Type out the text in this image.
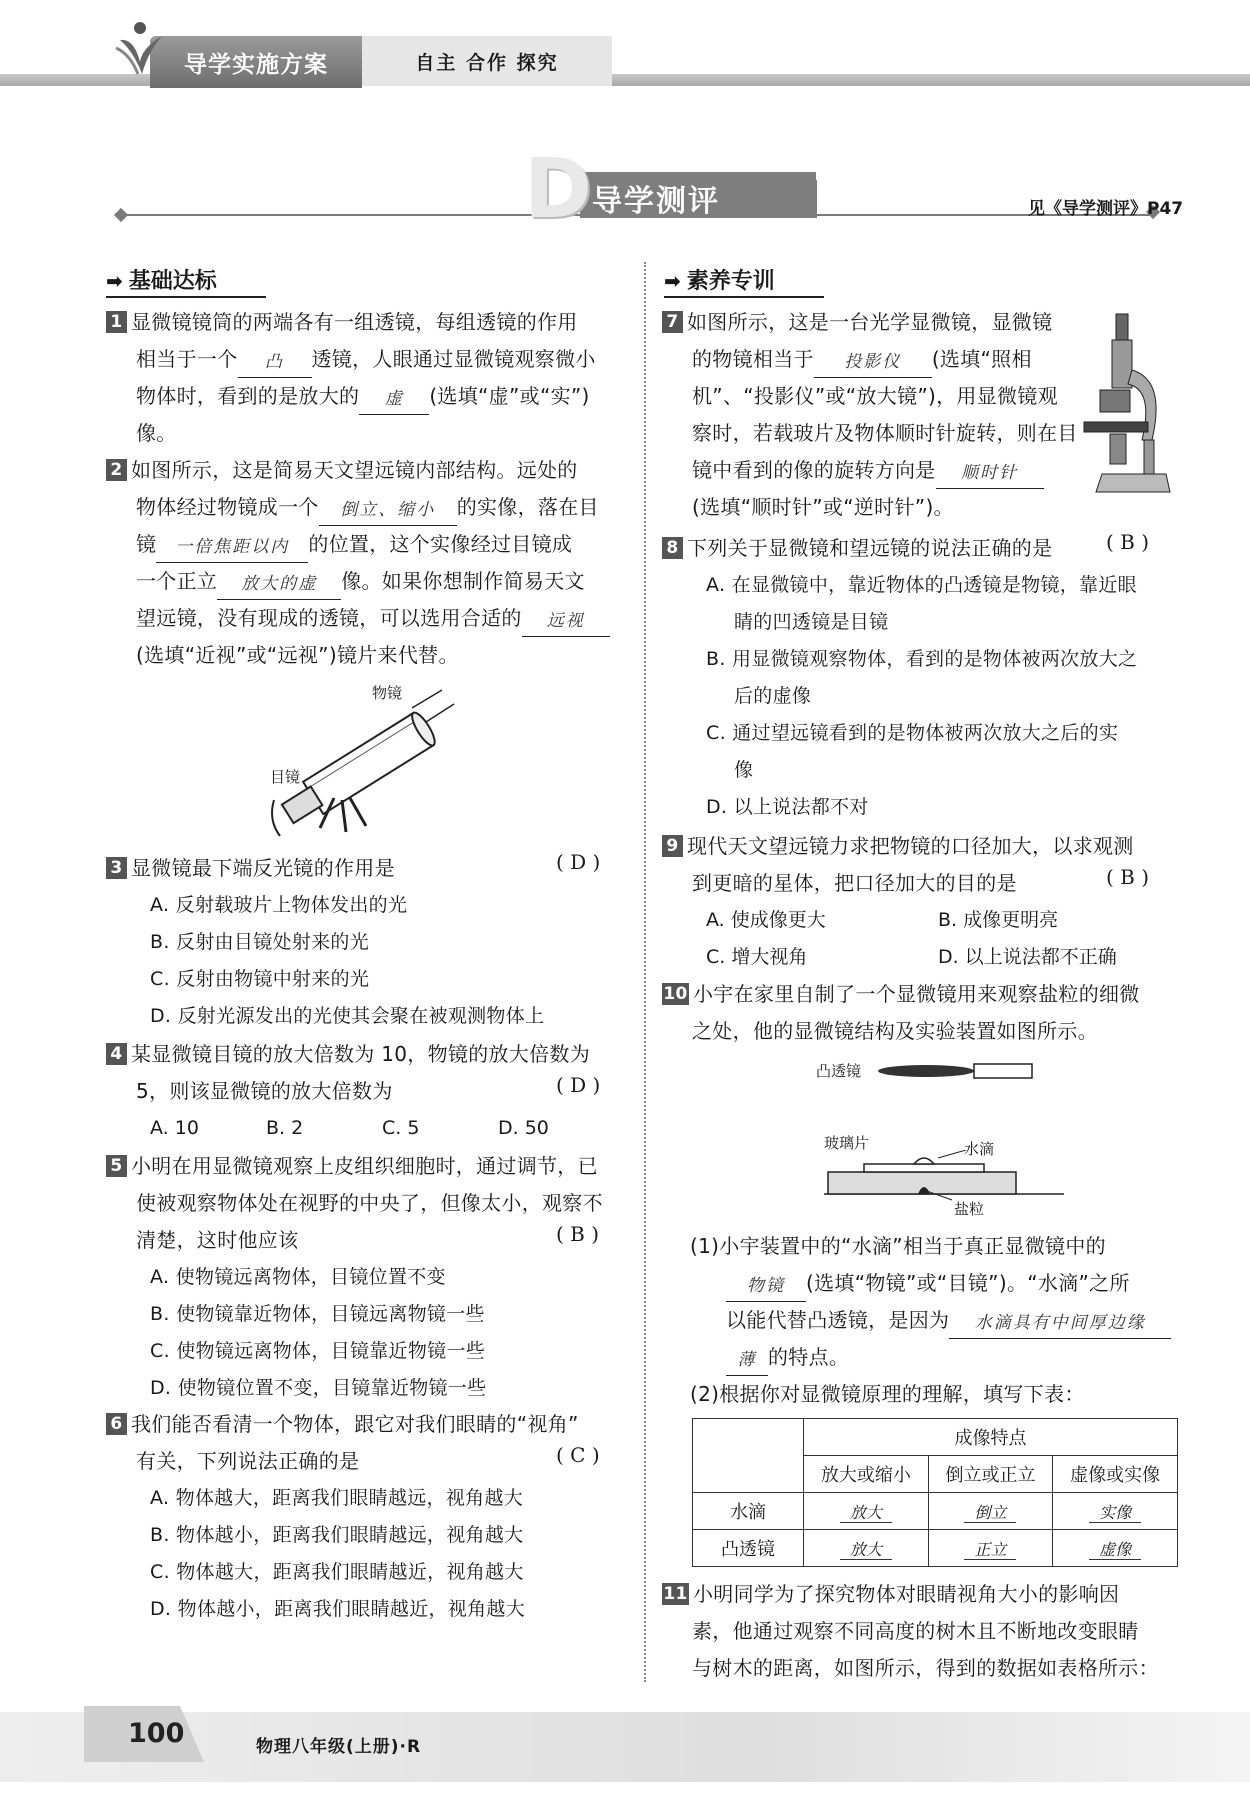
导学实施方案	自主 合作 探究
D 导学测评	见《导学测评》P47
➡ 基础达标	➡ 素养专训
1 显微镜镜筒的两端各有一组透镜，每组透镜的作用
相当于一个 凸 透镜，人眼通过显微镜观察微小
物体时，看到的是放大的 虚 (选填“虚”或“实”)
像。
2 如图所示，这是简易天文望远镜内部结构。远处的
物体经过物镜成一个 倒立、缩小 的实像，落在目
镜 一倍焦距以内 的位置，这个实像经过目镜成
一个正立 放大的虚 像。如果你想制作简易天文
望远镜，没有现成的透镜，可以选用合适的 远视
(选填“近视”或“远视”)镜片来代替。
物镜
目镜
3 显微镜最下端反光镜的作用是
A. 反射载玻片上物体发出的光
B. 反射由目镜处射来的光
C. 反射由物镜中射来的光
D. 反射光源发出的光使其会聚在被观测物体上
( D )
4 某显微镜目镜的放大倍数为 10，物镜的放大倍数为
5，则该显微镜的放大倍数为	( D )
A. 10	B. 2	C. 5	D. 50
5 小明在用显微镜观察上皮组织细胞时，通过调节，已
使被观察物体处在视野的中央了，但像太小，观察不
清楚，这时他应该
A. 使物镜远离物体，目镜位置不变
B. 使物镜靠近物体，目镜远离物镜一些
C. 使物镜远离物体，目镜靠近物镜一些
D. 使物镜位置不变，目镜靠近物镜一些
( B )
6 我们能否看清一个物体，跟它对我们眼睛的“视角”
有关，下列说法正确的是
A. 物体越大，距离我们眼睛越远，视角越大
B. 物体越小，距离我们眼睛越远，视角越大
C. 物体越大，距离我们眼睛越近，视角越大
D. 物体越小，距离我们眼睛越近，视角越大
( C )
7 如图所示，这是一台光学显微镜，显微镜
的物镜相当于 投影仪 (选填“照相
机”、“投影仪”或“放大镜”)，用显微镜观
察时，若载玻片及物体顺时针旋转，则在目
镜中看到的像的旋转方向是 顺时针
(选填“顺时针”或“逆时针”)。
8 下列关于显微镜和望远镜的说法正确的是
A. 在显微镜中，靠近物体的凸透镜是物镜，靠近眼
睛的凹透镜是目镜
B. 用显微镜观察物体，看到的是物体被两次放大之
后的虚像
C. 通过望远镜看到的是物体被两次放大之后的实
像
D. 以上说法都不对
( B )
9 现代天文望远镜力求把物镜的口径加大，以求观测
到更暗的星体，把口径加大的目的是	( B )
A. 使成像更大	B. 成像更明亮
C. 增大视角	D. 以上说法都不正确
10 小宇在家里自制了一个显微镜用来观察盐粒的细微
之处，他的显微镜结构及实验装置如图所示。
凸透镜
玻璃片	水滴
盐粒
(1)小宇装置中的“水滴”相当于真正显微镜中的
物镜 (选填“物镜”或“目镜”)。“水滴”之所
以能代替凸透镜，是因为 水滴具有中间厚边缘
薄 的特点。
(2)根据你对显微镜原理的理解，填写下表：
	成像特点		
	放大或缩小	倒立或正立	虚像或实像
水滴	放大	倒立	实像
凸透镜	放大	正立	虚像
11 小明同学为了探究物体对眼睛视角大小的影响因
素，他通过观察不同高度的树木且不断地改变眼睛
与树木的距离，如图所示，得到的数据如表格所示：
100	物理八年级(上册)·R
